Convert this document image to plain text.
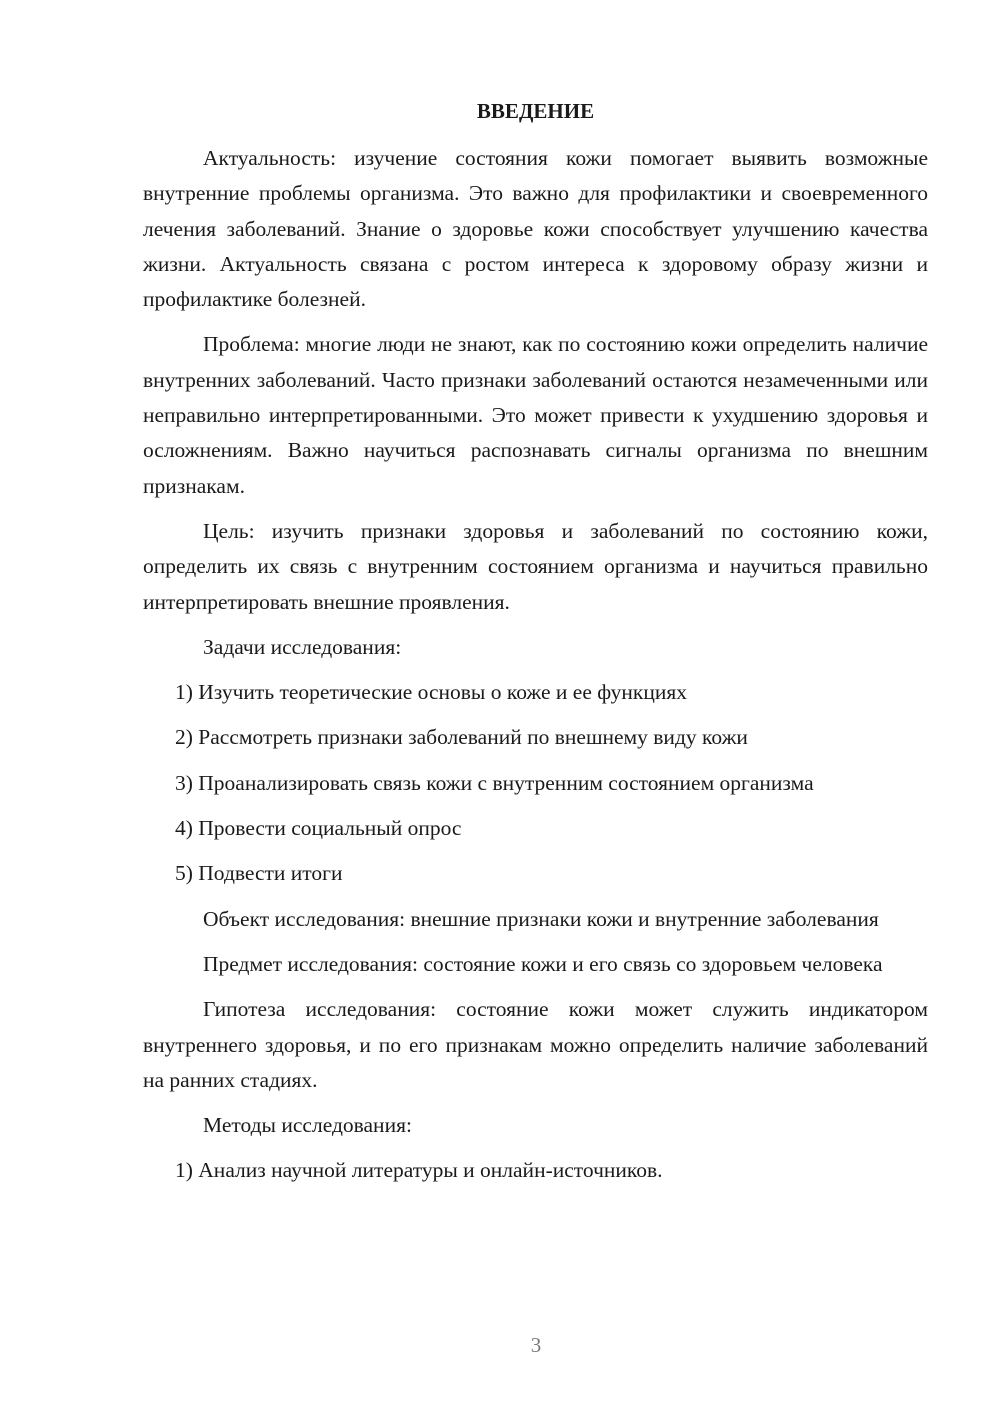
ВВЕДЕНИЕ

Актуальность: изучение состояния кожи помогает выявить возможные внутренние проблемы организма. Это важно для профилактики и своевременного лечения заболеваний. Знание о здоровье кожи способствует улучшению качества жизни. Актуальность связана с ростом интереса к здоровому образу жизни и профилактике болезней.

Проблема: многие люди не знают, как по состоянию кожи определить наличие внутренних заболеваний. Часто признаки заболеваний остаются незамеченными или неправильно интерпретированными. Это может привести к ухудшению здоровья и осложнениям. Важно научиться распознавать сигналы организма по внешним признакам.

Цель: изучить признаки здоровья и заболеваний по состоянию кожи, определить их связь с внутренним состоянием организма и научиться правильно интерпретировать внешние проявления.

Задачи исследования:
1) Изучить теоретические основы о коже и ее функциях
2) Рассмотреть признаки заболеваний по внешнему виду кожи
3) Проанализировать связь кожи с внутренним состоянием организма
4) Провести социальный опрос
5) Подвести итоги

Объект исследования: внешние признаки кожи и внутренние заболевания

Предмет исследования: состояние кожи и его связь со здоровьем человека

Гипотеза исследования: состояние кожи может служить индикатором внутреннего здоровья, и по его признакам можно определить наличие заболеваний на ранних стадиях.

Методы исследования:
1) Анализ научной литературы и онлайн-источников.
3
